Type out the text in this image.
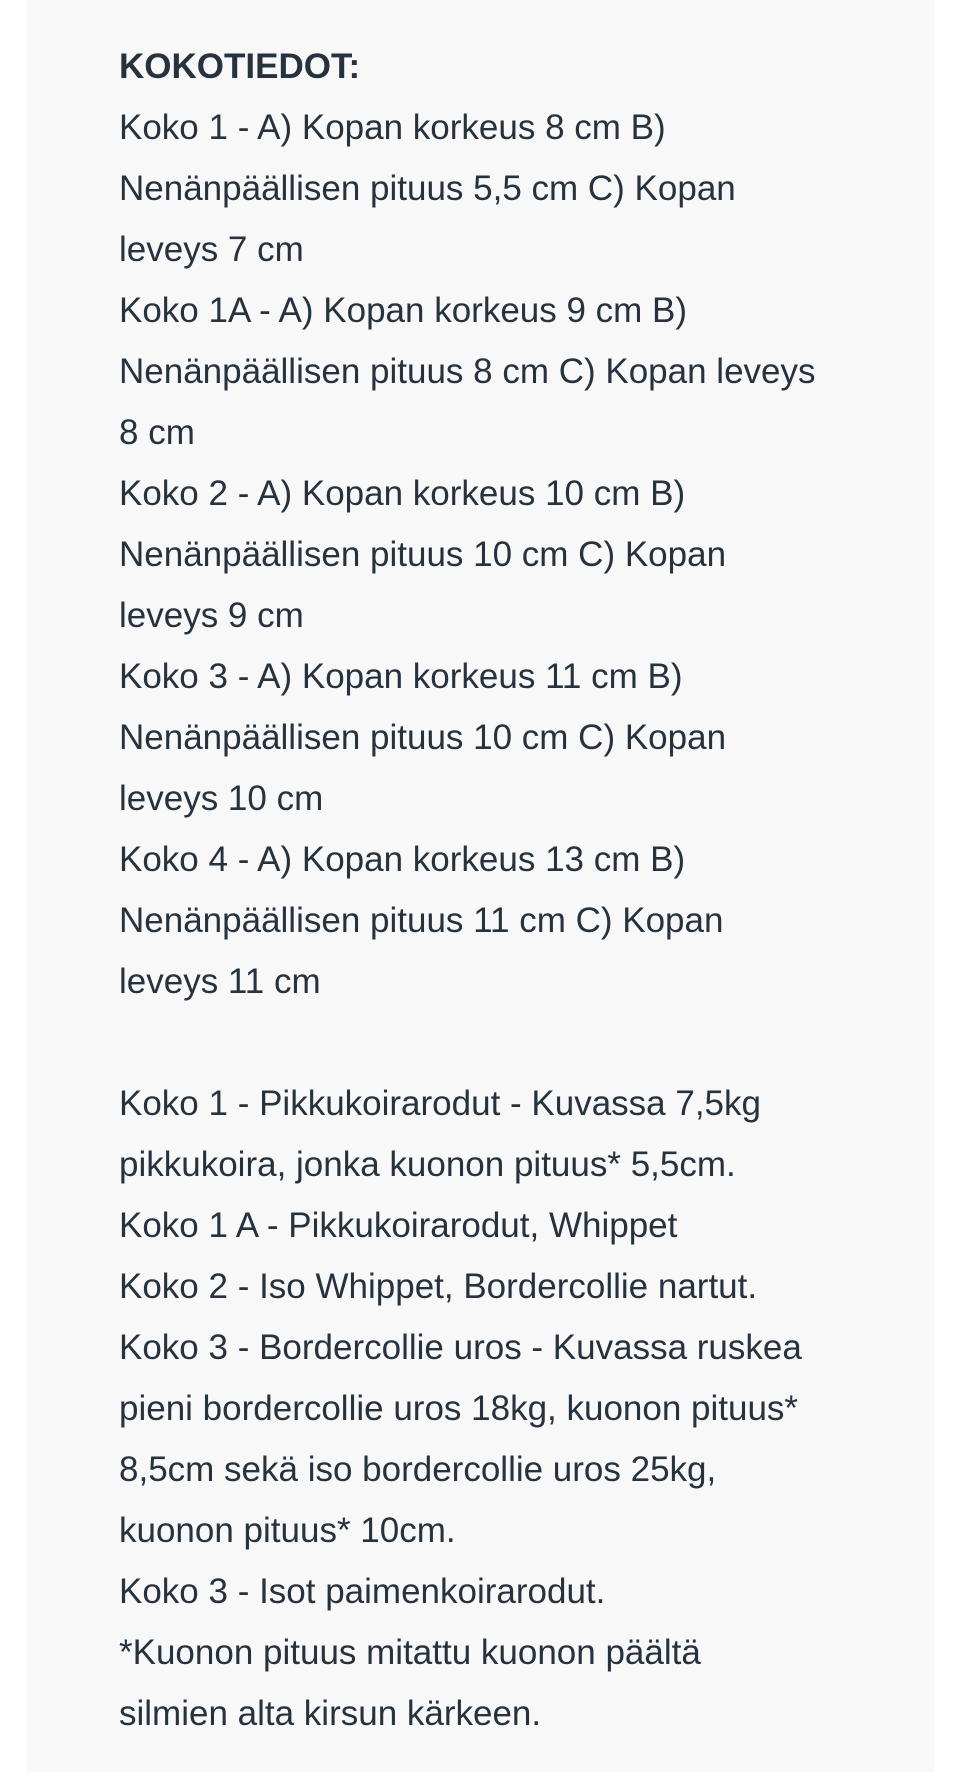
KOKOTIEDOT:
Koko 1 - A) Kopan korkeus 8 cm B)
Nenänpäällisen pituus 5,5 cm C) Kopan
leveys 7 cm
Koko 1A - A) Kopan korkeus 9 cm B)
Nenänpäällisen pituus 8 cm C) Kopan leveys
8 cm
Koko 2 - A) Kopan korkeus 10 cm B)
Nenänpäällisen pituus 10 cm C) Kopan
leveys 9 cm
Koko 3 - A) Kopan korkeus 11 cm B)
Nenänpäällisen pituus 10 cm C) Kopan
leveys 10 cm
Koko 4 - A) Kopan korkeus 13 cm B)
Nenänpäällisen pituus 11 cm C) Kopan
leveys 11 cm
Koko 1 - Pikkukoirarodut - Kuvassa 7,5kg
pikkukoira, jonka kuonon pituus* 5,5cm.
Koko 1 A - Pikkukoirarodut, Whippet
Koko 2 - Iso Whippet, Bordercollie nartut.
Koko 3 - Bordercollie uros - Kuvassa ruskea
pieni bordercollie uros 18kg, kuonon pituus*
8,5cm sekä iso bordercollie uros 25kg,
kuonon pituus* 10cm.
Koko 3 - Isot paimenkoirarodut.
*Kuonon pituus mitattu kuonon päältä
silmien alta kirsun kärkeen.
